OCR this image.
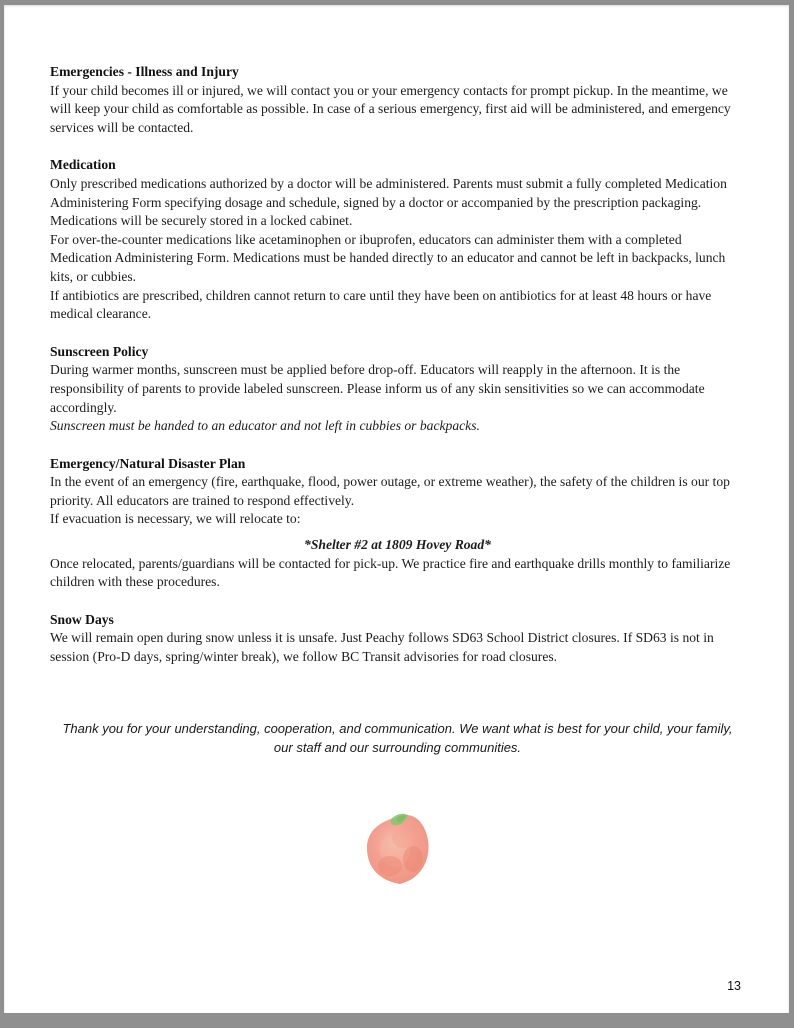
Emergencies - Illness and Injury

If your child becomes ill or injured, we will contact you or your emergency contacts for prompt pickup. In the meantime, we will keep your child as comfortable as possible. In case of a serious emergency, first aid will be administered, and emergency services will be contacted.

Medication

Only prescribed medications authorized by a doctor will be administered. Parents must submit a fully completed Medication Administering Form specifying dosage and schedule, signed by a doctor or accompanied by the prescription packaging. Medications will be securely stored in a locked cabinet.

For over-the-counter medications like acetaminophen or ibuprofen, educators can administer them with a completed Medication Administering Form. Medications must be handed directly to an educator and cannot be left in backpacks, lunch kits, or cubbies.

If antibiotics are prescribed, children cannot return to care until they have been on antibiotics for at least 48 hours or have medical clearance.

Sunscreen Policy

During warmer months, sunscreen must be applied before drop-off. Educators will reapply in the afternoon. It is the responsibility of parents to provide labeled sunscreen. Please inform us of any skin sensitivities so we can accommodate accordingly.

Sunscreen must be handed to an educator and not left in cubbies or backpacks.

Emergency/Natural Disaster Plan

In the event of an emergency (fire, earthquake, flood, power outage, or extreme weather), the safety of the children is our top priority. All educators are trained to respond effectively.

If evacuation is necessary, we will relocate to:

*Shelter #2 at 1809 Hovey Road*

Once relocated, parents/guardians will be contacted for pick-up. We practice fire and earthquake drills monthly to familiarize children with these procedures.

Snow Days

We will remain open during snow unless it is unsafe. Just Peachy follows SD63 School District closures. If SD63 is not in session (Pro-D days, spring/winter break), we follow BC Transit advisories for road closures.

Thank you for your understanding, cooperation, and communication. We want what is best for your child, your family, our staff and our surrounding communities.
13
